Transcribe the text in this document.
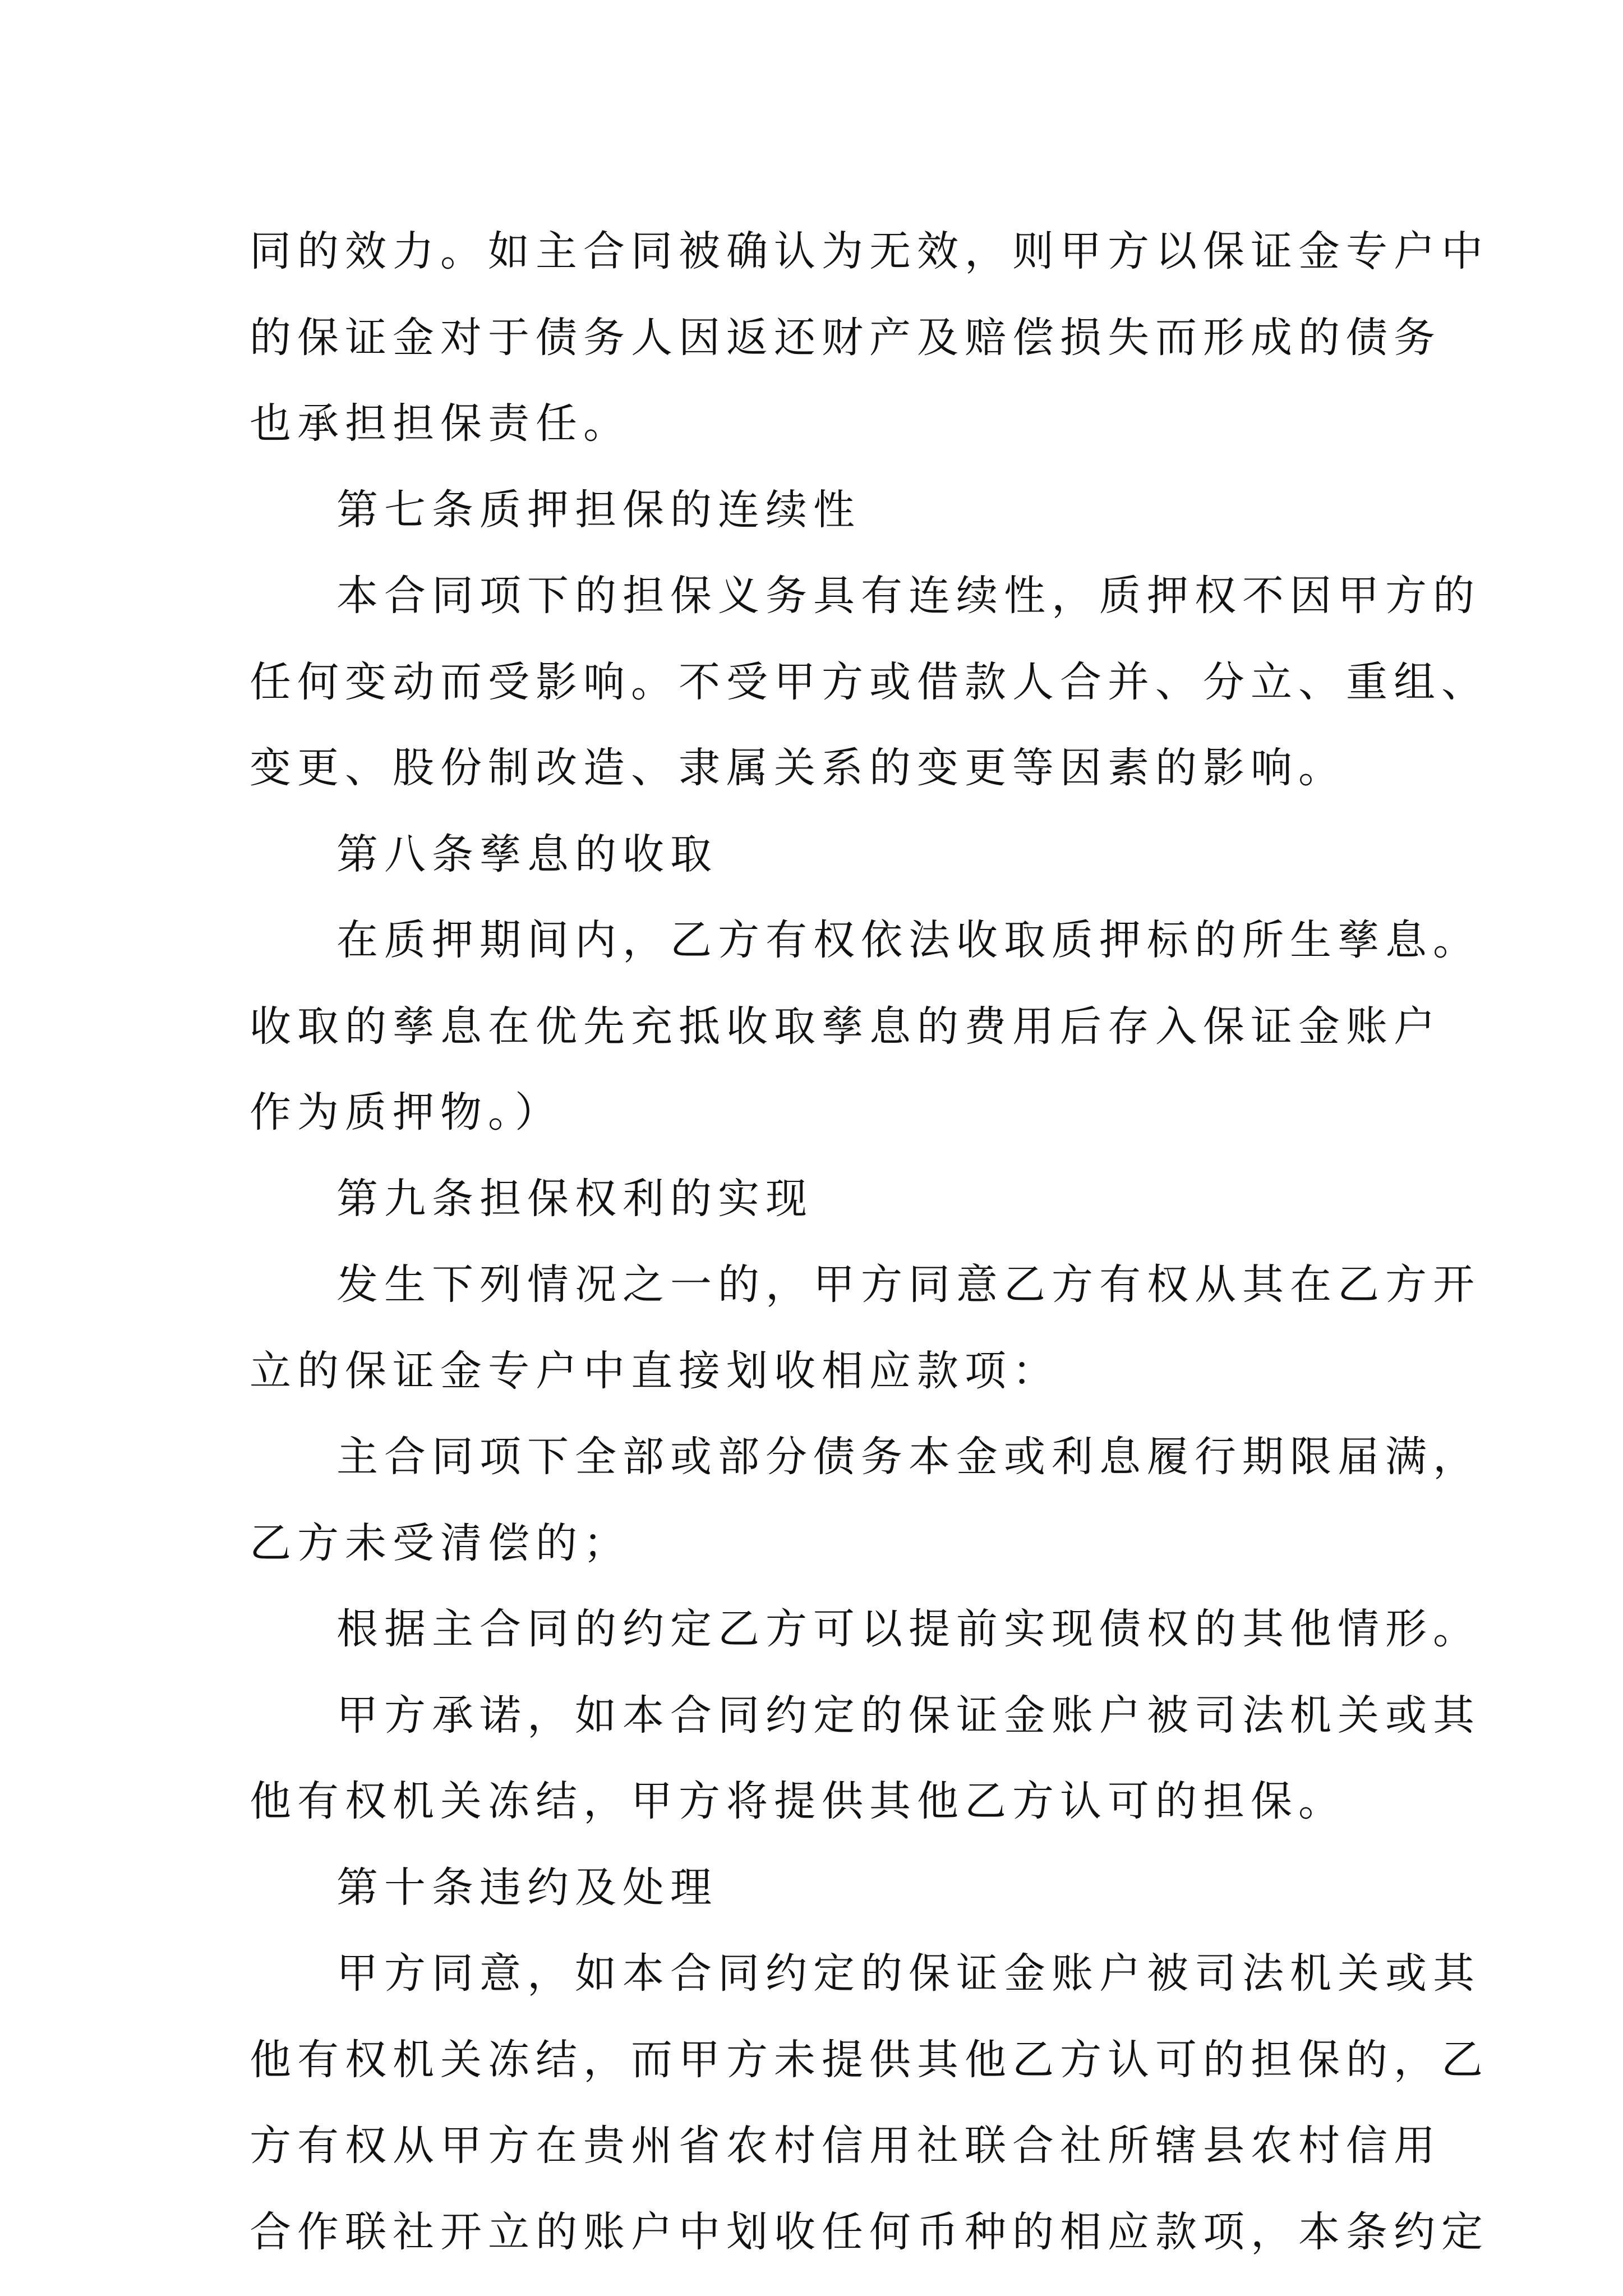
同的效力。如主合同被确认为无效，则甲方以保证金专户中
的保证金对于债务人因返还财产及赔偿损失而形成的债务
也承担担保责任。
第七条质押担保的连续性
本合同项下的担保义务具有连续性，质押权不因甲方的
任何变动而受影响。不受甲方或借款人合并、分立、重组、
变更、股份制改造、隶属关系的变更等因素的影响。
第八条孳息的收取
在质押期间内，乙方有权依法收取质押标的所生孳息。
收取的孳息在优先充抵收取孳息的费用后存入保证金账户
作为质押物。）
第九条担保权利的实现
发生下列情况之一的，甲方同意乙方有权从其在乙方开
立的保证金专户中直接划收相应款项：
主合同项下全部或部分债务本金或利息履行期限届满，
乙方未受清偿的；
根据主合同的约定乙方可以提前实现债权的其他情形。
甲方承诺，如本合同约定的保证金账户被司法机关或其
他有权机关冻结，甲方将提供其他乙方认可的担保。
第十条违约及处理
甲方同意，如本合同约定的保证金账户被司法机关或其
他有权机关冻结，而甲方未提供其他乙方认可的担保的，乙
方有权从甲方在贵州省农村信用社联合社所辖县农村信用
合作联社开立的账户中划收任何币种的相应款项，本条约定
